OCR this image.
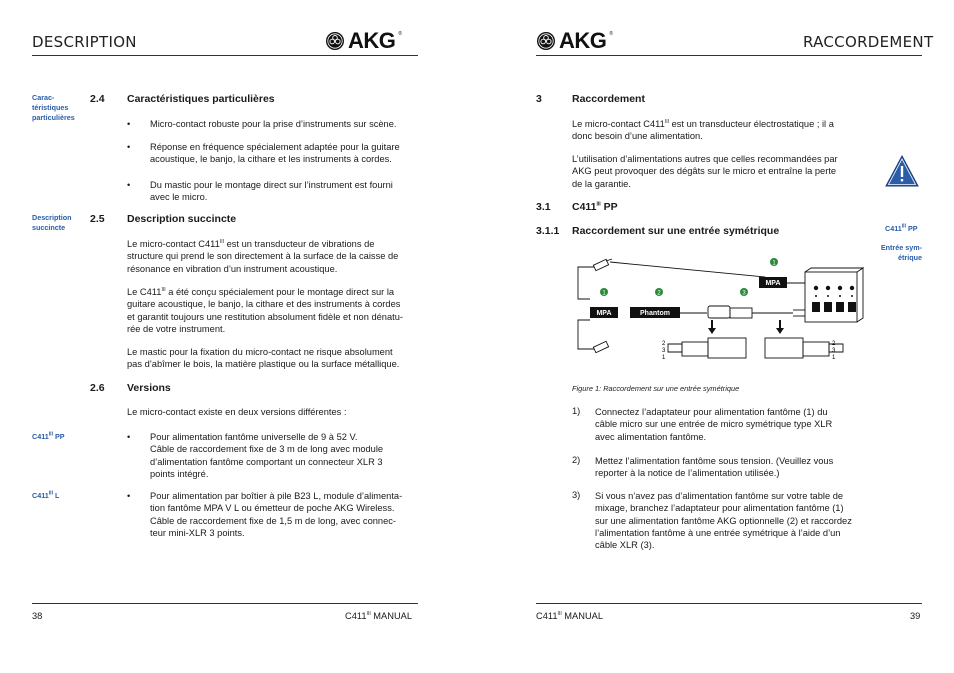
DESCRIPTION	AKG ®
Carac-
téristiques
particulières
2.4 Caractéristiques particulières
• Micro-contact robuste pour la prise d’instruments sur scène.
• Réponse en fréquence spécialement adaptée pour la guitare
acoustique, le banjo, la cithare et les instruments à cordes.
• Du mastic pour le montage direct sur l’instrument est fourni
avec le micro.
Description
succincte
2.5 Description succincte
Le micro-contact $C411^{III}$ est un transducteur de vibrations de
structure qui prend le son directement à la surface de la caisse de
résonance en vibration d’un instrument acoustique.
Le $C411^{III}$ a été conçu spécialement pour le montage direct sur la
guitare acoustique, le banjo, la cithare et des instruments à cordes
et garantit toujours une restitution absolument fidèle et non dénatu-
rée de votre instrument.
Le mastic pour la fixation du micro-contact ne risque absolument
pas d’abîmer le bois, la matière plastique ou la surface métallique.
2.6 Versions
Le micro-contact existe en deux versions différentes :
$C411^{III}$ PP	• Pour alimentation fantôme universelle de 9 à 52 V.
Câble de raccordement fixe de 3 m de long avec module
d’alimentation fantôme comportant un connecteur XLR 3
points intégré.
$C411^{III}$ L	• Pour alimentation par boîtier à pile B23 L, module d’alimenta-
tion fantôme MPA V L ou émetteur de poche AKG Wireless.
Câble de raccordement fixe de 1,5 m de long, avec connec-
teur mini-XLR 3 points.
38	$C411^{III}$ MANUAL
AKG ®	RACCORDEMENT
3	Raccordement
Le micro-contact $C411^{III}$ est un transducteur électrostatique ; il a
donc besoin d’une alimentation.
L’utilisation d’alimentations autres que celles recommandées par
AKG peut provoquer des dégâts sur le micro et entraîne la perte
de la garantie.
3.1 $C411^{III}$ PP
3.1.1 Raccordement sur une entrée symétrique	$C411^{III}$ PP
Entrée sym-
étrique
MPA
MPA	Phantom
1
1	2	3
2
3
1
2
3
1
Figure 1: Raccordement sur une entrée symétrique
1) Connectez l’adaptateur pour alimentation fantôme (1) du
câble micro sur une entrée de micro symétrique type XLR
avec alimentation fantôme.
2) Mettez l’alimentation fantôme sous tension. (Veuillez vous
reporter à la notice de l’alimentation utilisée.)
3) Si vous n’avez pas d’alimentation fantôme sur votre table de
mixage, branchez l’adaptateur pour alimentation fantôme (1)
sur une alimentation fantôme AKG optionnelle (2) et raccordez
l’alimentation fantôme à une entrée symétrique à l’aide d’un
câble XLR (3).
$C411^{III}$ MANUAL	39
